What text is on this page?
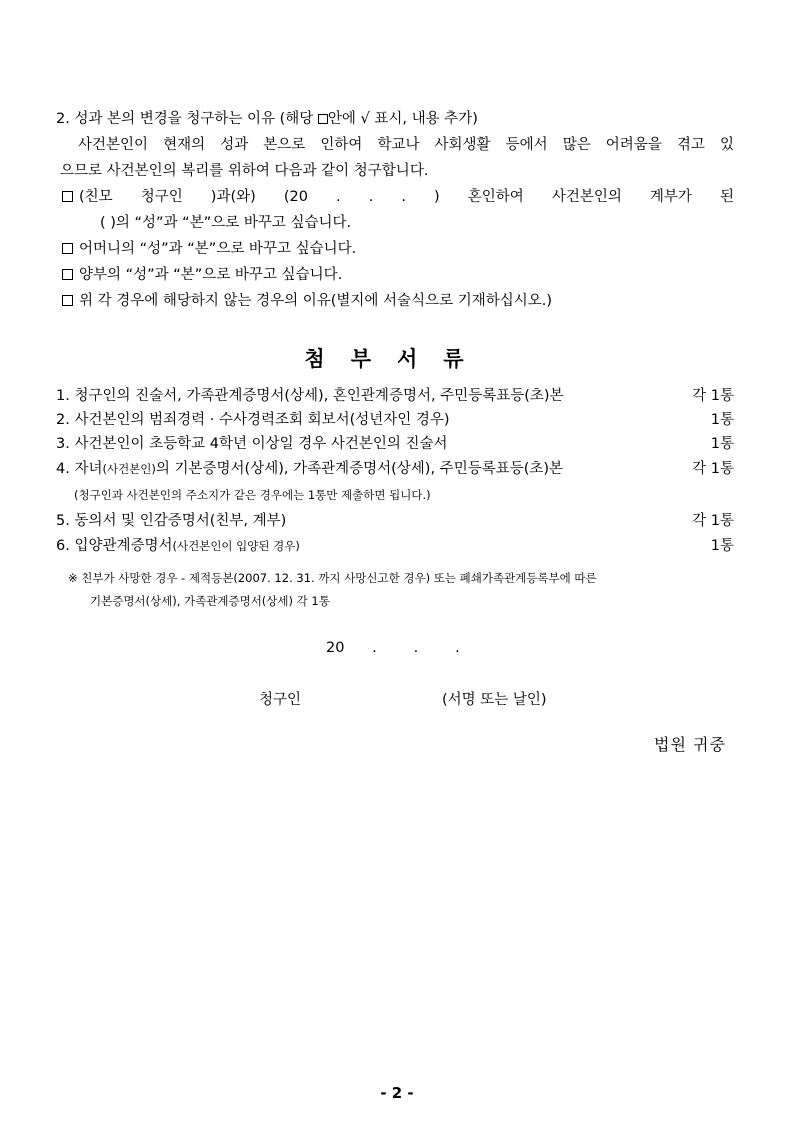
2. 성과 본의 변경을 청구하는 이유 (해당 안에 √ 표시, 내용 추가)
사건본인이 현재의 성과 본으로 인하여 학교나 사회생활 등에서 많은 어려움을 겪고 있
으므로 사건본인의 복리를 위하여 다음과 같이 청구합니다.
(친모 청구인 )과(와) (20 . . . ) 혼인하여 사건본인의 계부가 된
( )의 “성”과 “본”으로 바꾸고 싶습니다.
어머니의 “성”과 “본”으로 바꾸고 싶습니다.
양부의 “성”과 “본”으로 바꾸고 싶습니다.
위 각 경우에 해당하지 않는 경우의 이유(별지에 서술식으로 기재하십시오.)
첨부서류
1. 청구인의 진술서, 가족관계증명서(상세), 혼인관계증명서, 주민등록표등(초)본	각 1통
2. 사건본인의 범죄경력 · 수사경력조회 회보서(성년자인 경우)	1통
3. 사건본인이 초등학교 4학년 이상일 경우 사건본인의 진술서	1통
4. 자녀(사건본인)의 기본증명서(상세), 가족관계증명서(상세), 주민등록표등(초)본	각 1통
(청구인과 사건본인의 주소지가 같은 경우에는 1통만 제출하면 됩니다.)
5. 동의서 및 인감증명서(친부, 계부)	각 1통
6. 입양관계증명서(사건본인이 입양된 경우)	1통
※ 친부가 사망한 경우 - 제적등본(2007. 12. 31. 까지 사망신고한 경우) 또는 폐쇄가족관계등록부에 따른
기본증명서(상세), 가족관계증명서(상세) 각 1통
20      .        .        .
청구인	(서명 또는 날인)
법원 귀중
- 2 -
